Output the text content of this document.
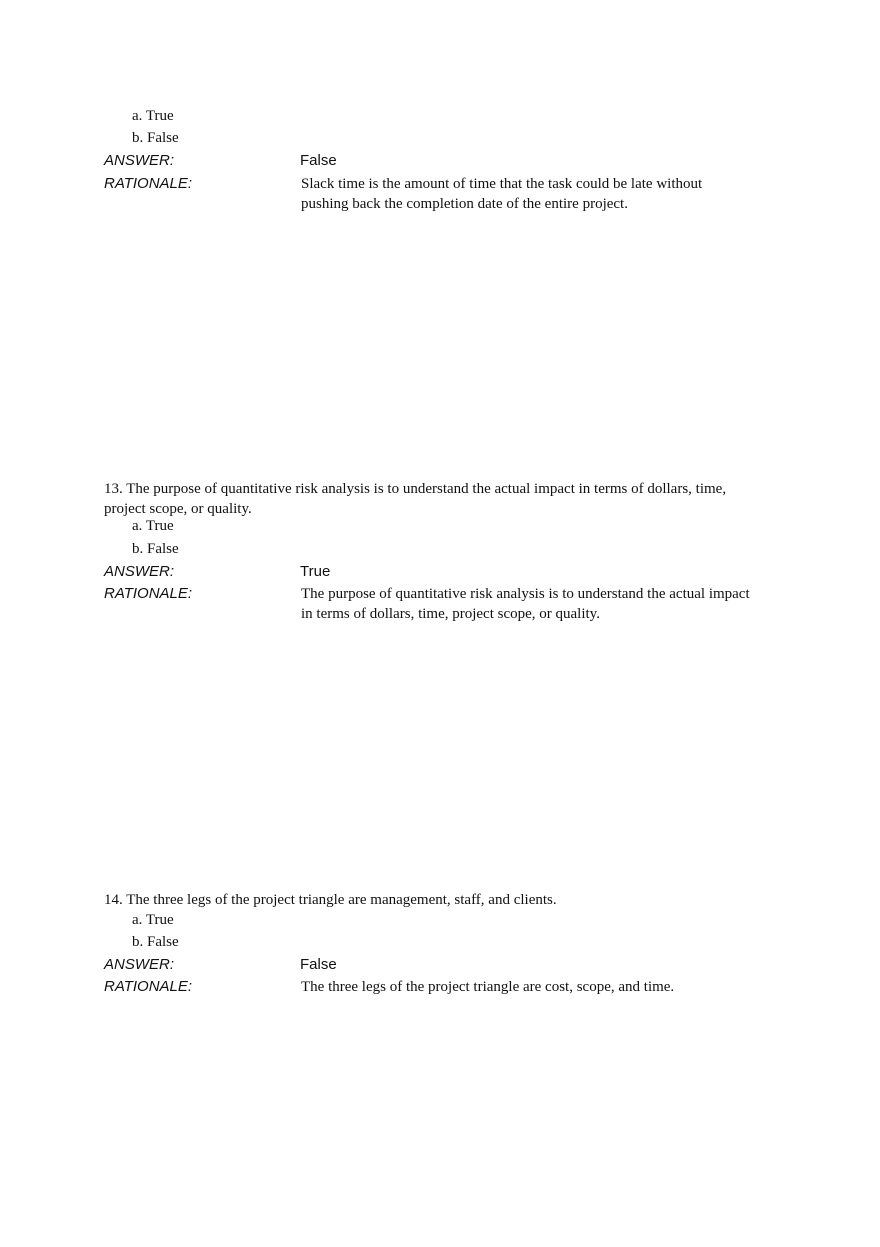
a. True
b. False
ANSWER:	False
RATIONALE:	Slack time is the amount of time that the task could be late without
pushing back the completion date of the entire project.
13. The purpose of quantitative risk analysis is to understand the actual impact in terms of dollars, time,
project scope, or quality.
a. True
b. False
ANSWER:	True
RATIONALE:	The purpose of quantitative risk analysis is to understand the actual impact
in terms of dollars, time, project scope, or quality.
14. The three legs of the project triangle are management, staff, and clients.
a. True
b. False
ANSWER:	False
RATIONALE:	The three legs of the project triangle are cost, scope, and time.
